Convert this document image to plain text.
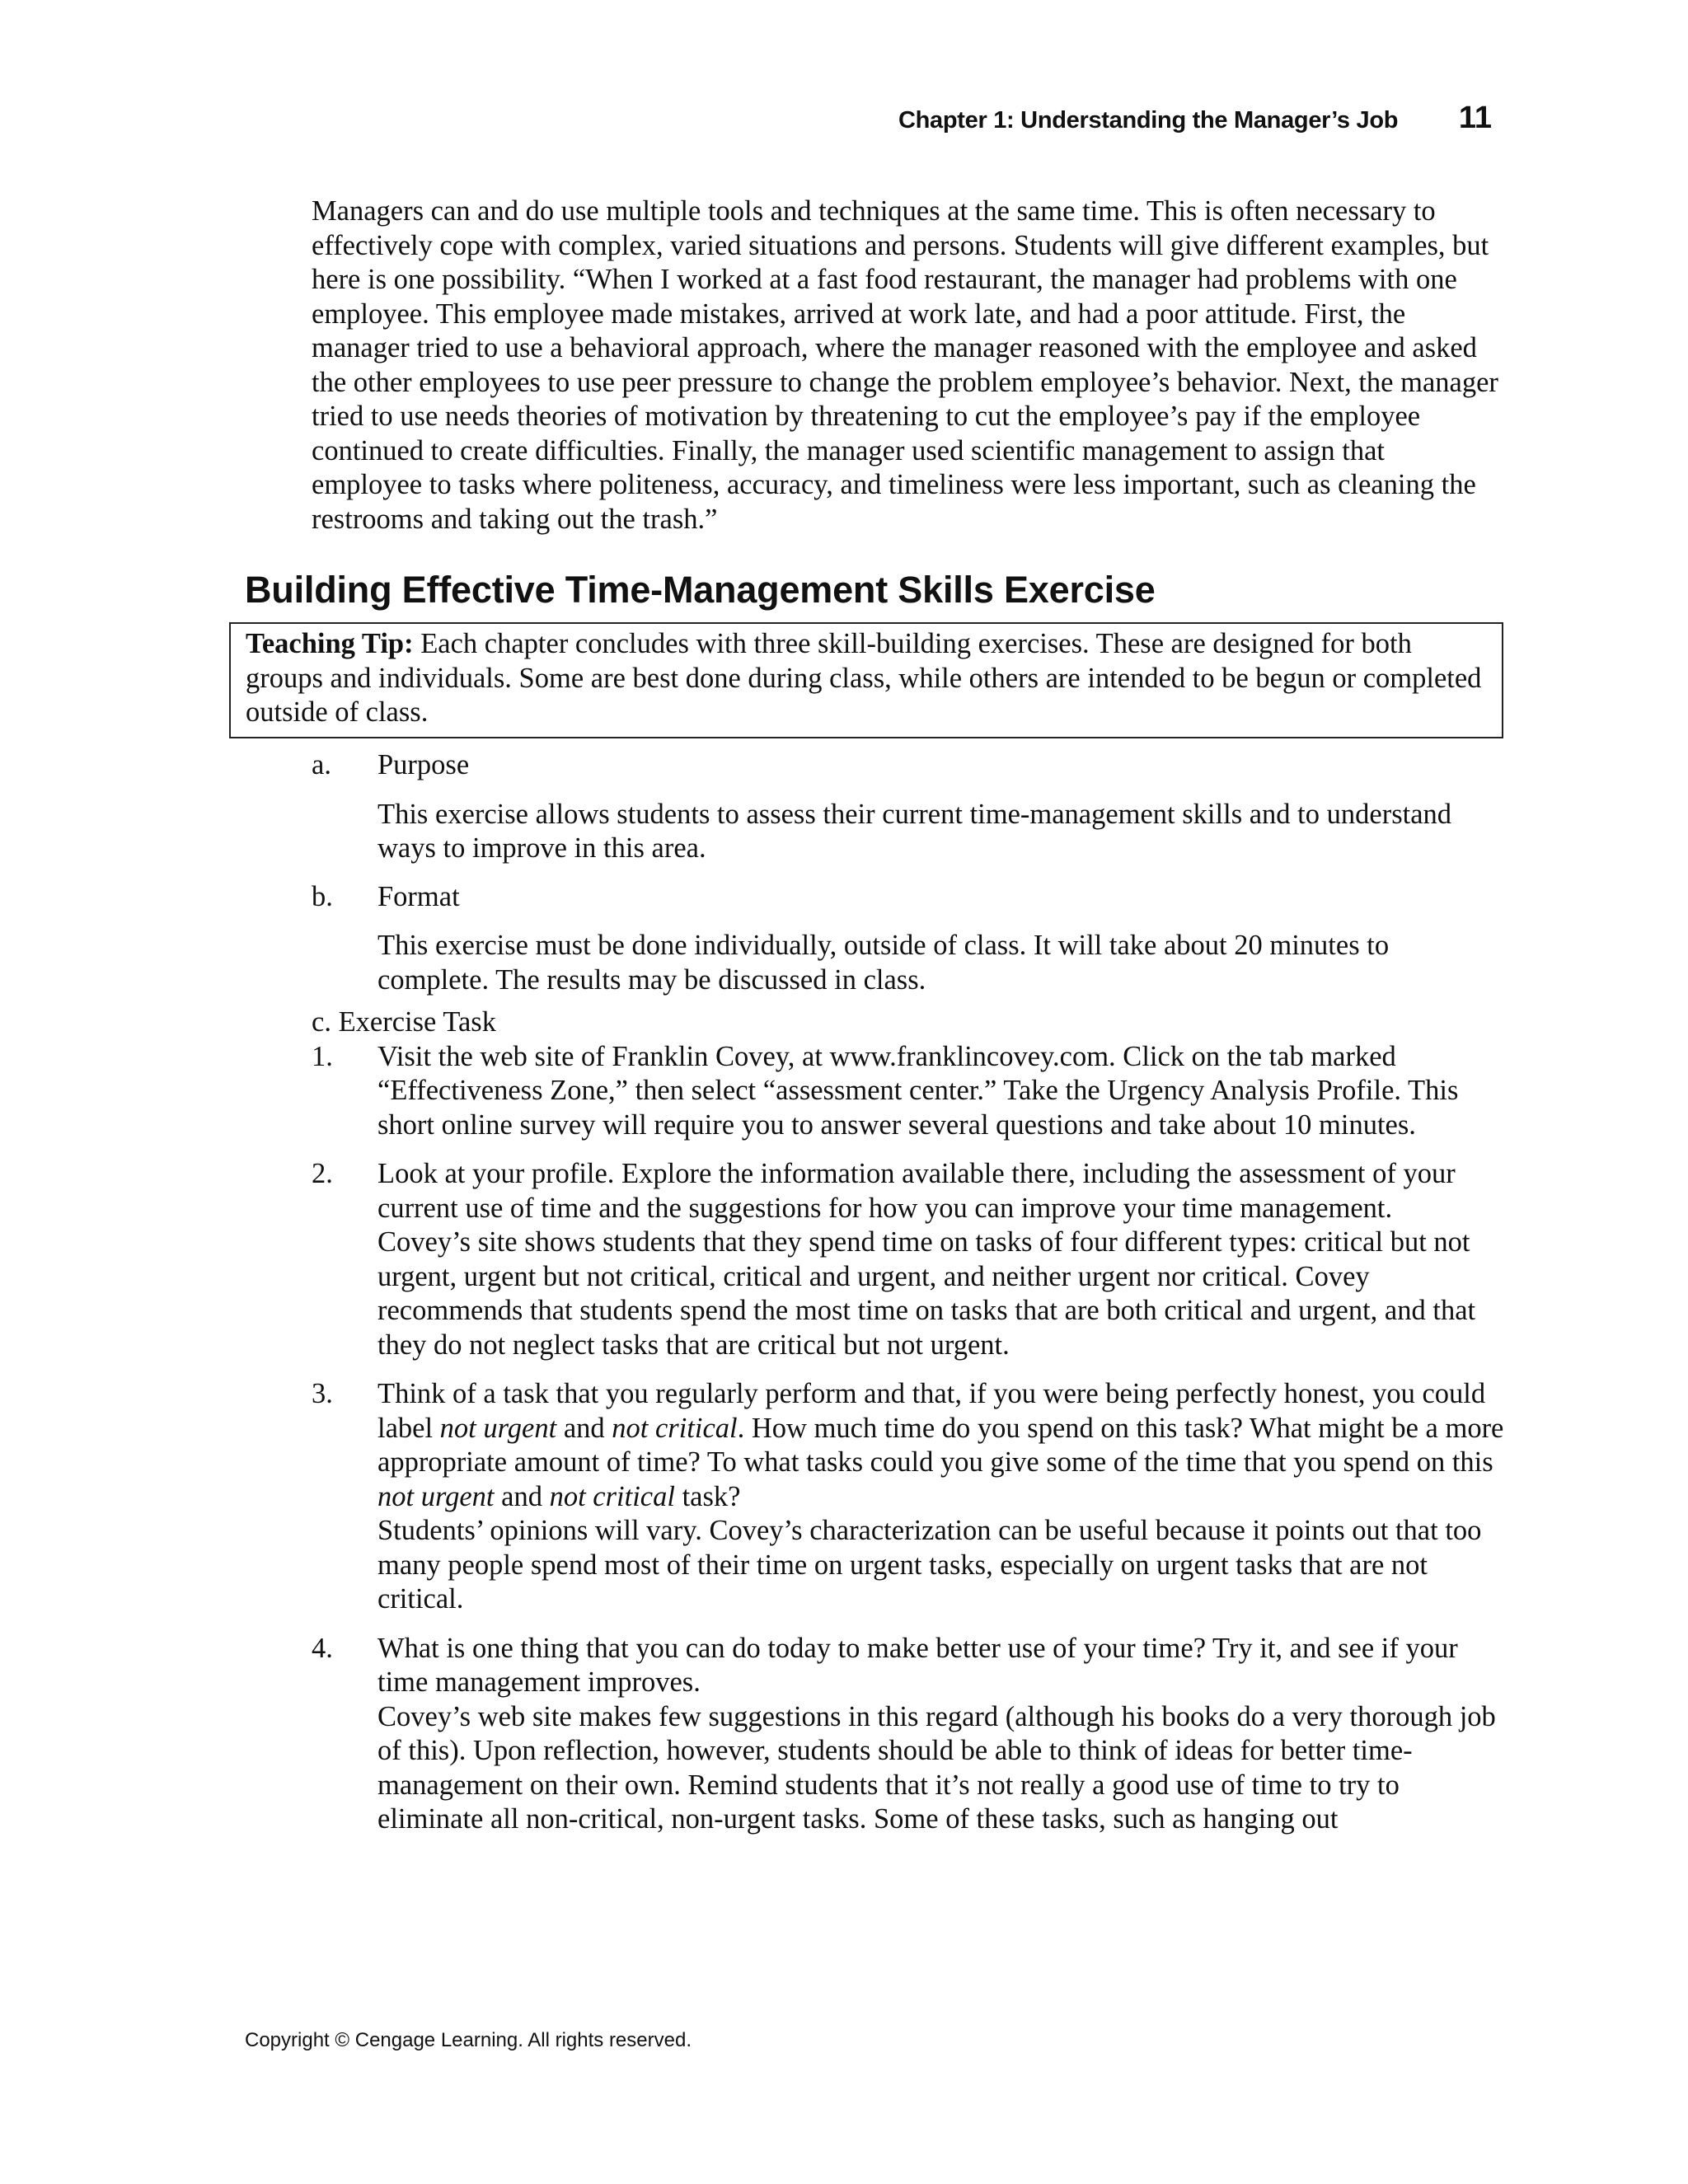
Chapter 1: Understanding the Manager’s Job 11

Managers can and do use multiple tools and techniques at the same time. This is often necessary to effectively cope with complex, varied situations and persons. Students will give different examples, but here is one possibility. “When I worked at a fast food restaurant, the manager had problems with one employee. This employee made mistakes, arrived at work late, and had a poor attitude. First, the manager tried to use a behavioral approach, where the manager reasoned with the employee and asked the other employees to use peer pressure to change the problem employee’s behavior. Next, the manager tried to use needs theories of motivation by threatening to cut the employee’s pay if the employee continued to create difficulties. Finally, the manager used scientific management to assign that employee to tasks where politeness, accuracy, and timeliness were less important, such as cleaning the restrooms and taking out the trash.”

Building Effective Time-Management Skills Exercise
Teaching Tip: Each chapter concludes with three skill-building exercises. These are designed for both groups and individuals. Some are best done during class, while others are intended to be begun or completed outside of class.
a.	Purpose
This exercise allows students to assess their current time-management skills and to understand ways to improve in this area.
b.	Format
This exercise must be done individually, outside of class. It will take about 20 minutes to complete. The results may be discussed in class.
c. Exercise Task
1.	Visit the web site of Franklin Covey, at www.franklincovey.com. Click on the tab marked “Effectiveness Zone,” then select “assessment center.” Take the Urgency Analysis Profile. This short online survey will require you to answer several questions and take about 10 minutes.
2.	Look at your profile. Explore the information available there, including the assessment of your current use of time and the suggestions for how you can improve your time management.
Covey’s site shows students that they spend time on tasks of four different types: critical but not urgent, urgent but not critical, critical and urgent, and neither urgent nor critical. Covey recommends that students spend the most time on tasks that are both critical and urgent, and that they do not neglect tasks that are critical but not urgent.
3.	Think of a task that you regularly perform and that, if you were being perfectly honest, you could label not urgent and not critical. How much time do you spend on this task? What might be a more appropriate amount of time? To what tasks could you give some of the time that you spend on this not urgent and not critical task?
Students’ opinions will vary. Covey’s characterization can be useful because it points out that too many people spend most of their time on urgent tasks, especially on urgent tasks that are not critical.
4.	What is one thing that you can do today to make better use of your time? Try it, and see if your time management improves.
Covey’s web site makes few suggestions in this regard (although his books do a very thorough job of this). Upon reflection, however, students should be able to think of ideas for better time-management on their own. Remind students that it’s not really a good use of time to try to eliminate all non-critical, non-urgent tasks. Some of these tasks, such as hanging out
Copyright © Cengage Learning. All rights reserved.
